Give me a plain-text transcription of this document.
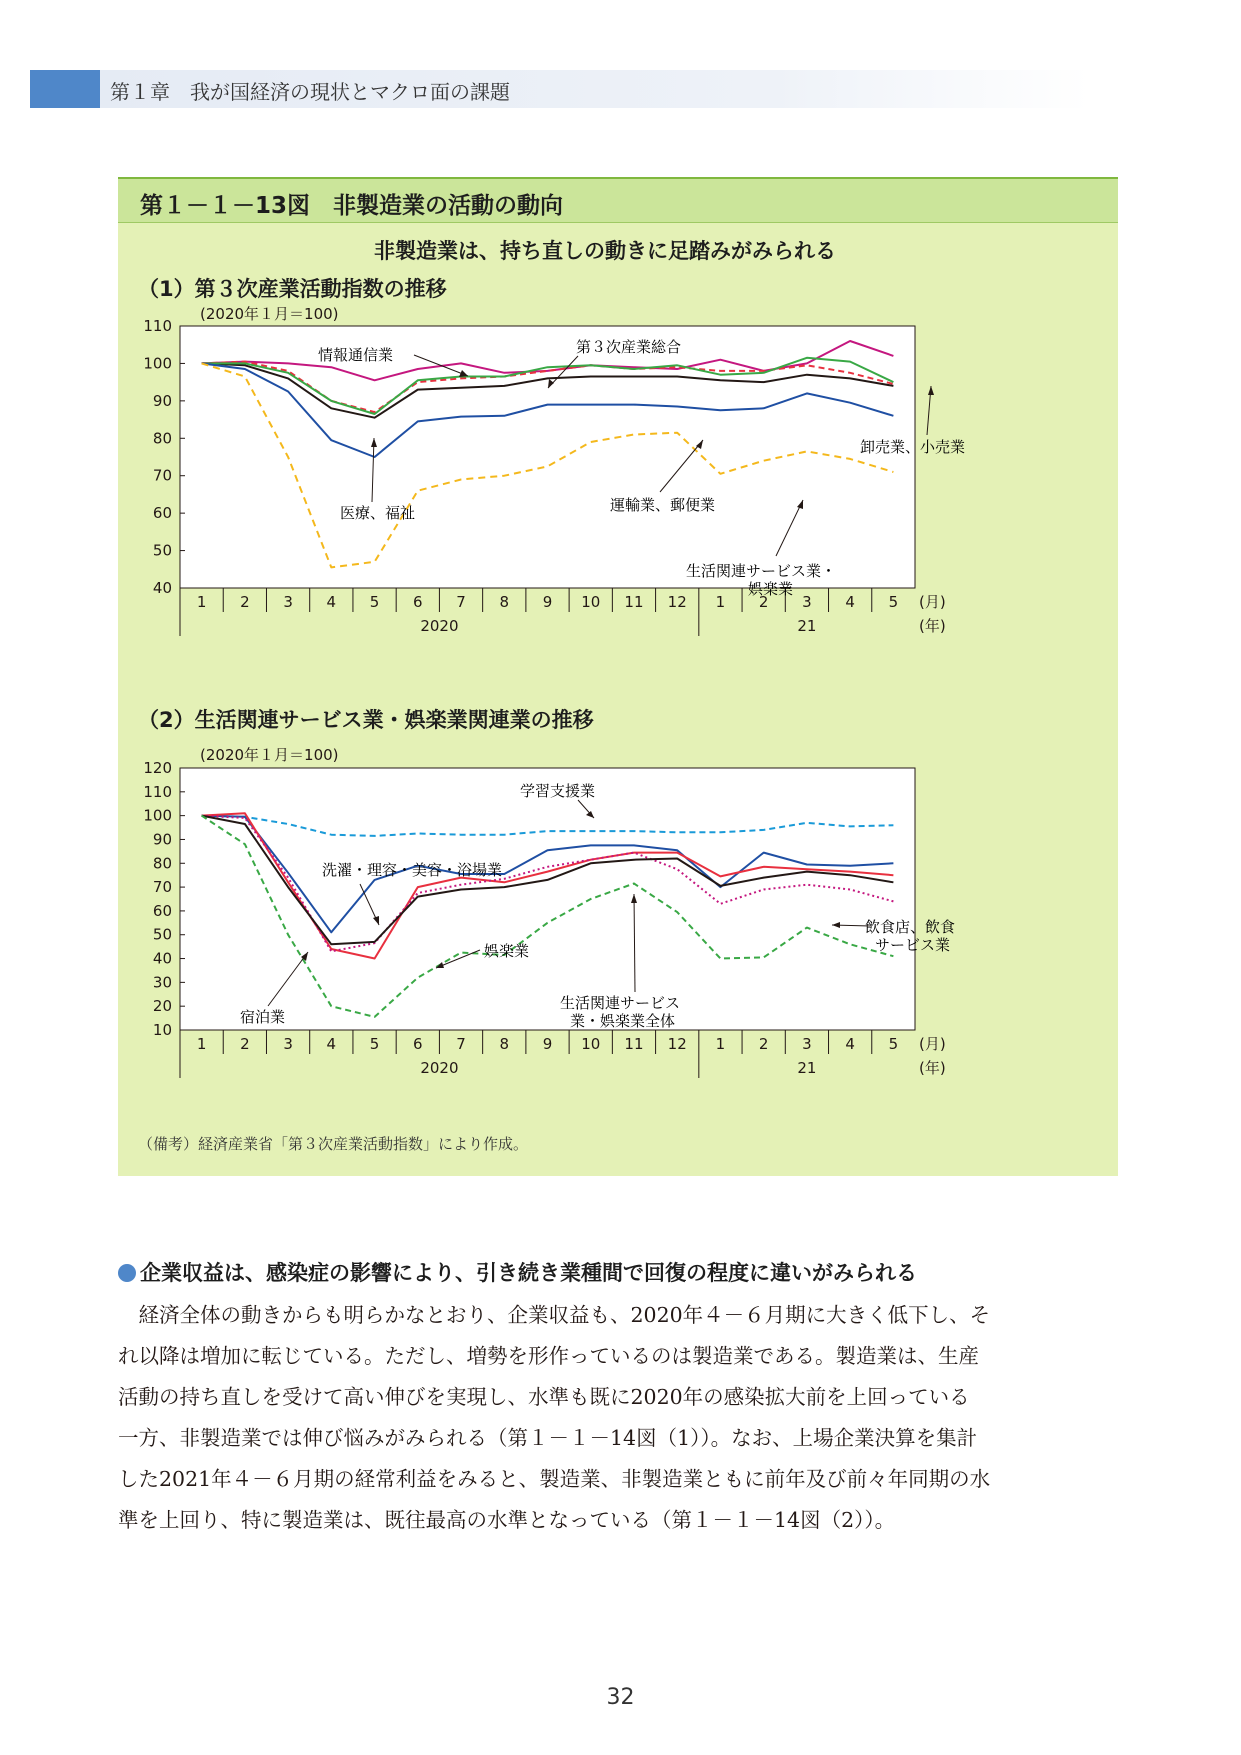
第１章　我が国経済の現状とマクロ面の課題
第１－１－13図　非製造業の活動の動向
非製造業は、持ち直しの動きに足踏みがみられる
（1）第３次産業活動指数の推移
(2020年１月＝100)
（2）生活関連サービス業・娯楽業関連業の推移
(2020年１月＝100)
（備考）経済産業省「第３次産業活動指数」により作成。
40
50
60
70
80
90
100
110
1 2 3 4 5 6 7 8 9 10 11 12 1 2 3 4 5
2020	21
(月)
(年)
情報通信業	第３次産業総合
卸売業、小売業
医療、福祉	運輸業、郵便業
生活関連サービス業・
娯楽業
10
20
30
40
50
60
70
80
90
100
110
120
1 2 3 4 5 6 7 8 9 10 11 12 1 2 3 4 5
2020	21
(月)
(年)
学習支援業
洗濯・理容・美容・浴場業
娯楽業
飲食店、飲食
サービス業
宿泊業
生活関連サービス
業・娯楽業全体
企業収益は、感染症の影響により、引き続き業種間で回復の程度に違いがみられる

　経済全体の動きからも明らかなとおり、企業収益も、2020年４－６月期に大きく低下し、そ

れ以降は増加に転じている。ただし、増勢を形作っているのは製造業である。製造業は、生産

活動の持ち直しを受けて高い伸びを実現し、水準も既に2020年の感染拡大前を上回っている

一方、非製造業では伸び悩みがみられる（第１－１－14図（1））。なお、上場企業決算を集計

した2021年４－６月期の経常利益をみると、製造業、非製造業ともに前年及び前々年同期の水

準を上回り、特に製造業は、既往最高の水準となっている（第１－１－14図（2））。

32
